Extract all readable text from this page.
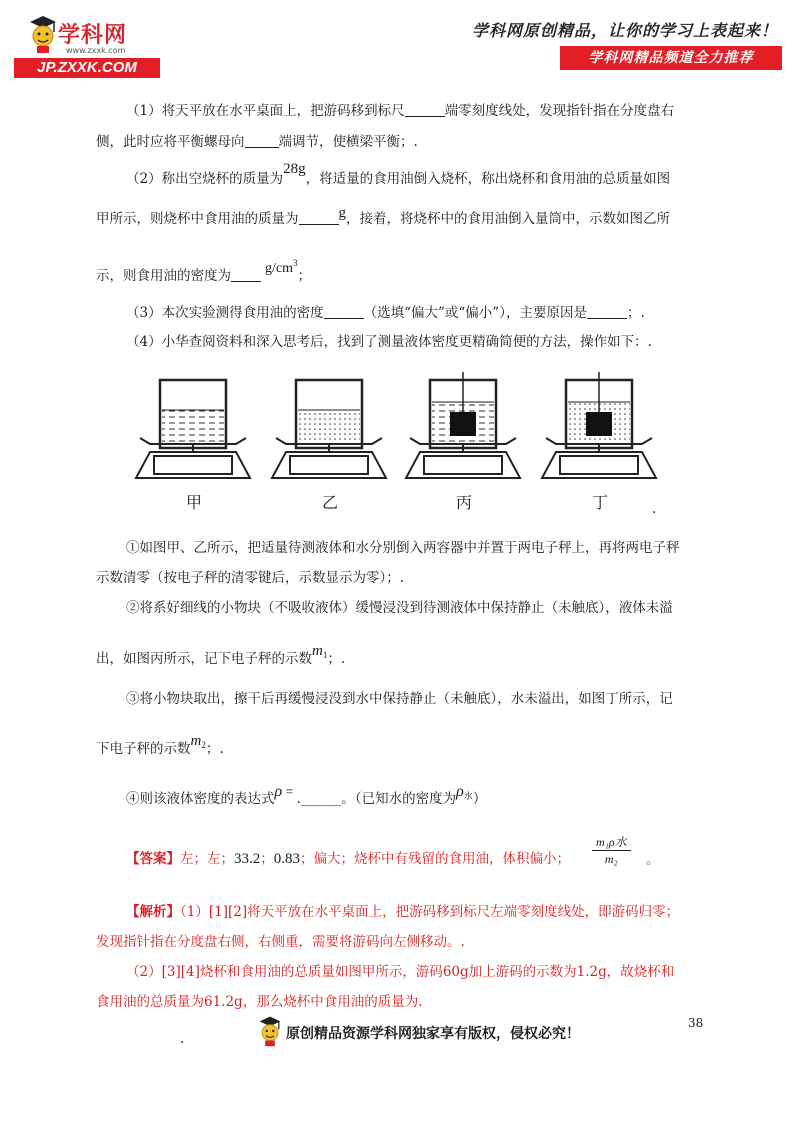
学科网
www.zxxk.com
JP.ZXXK.COM
学科网原创精品，让你的学习上表起来！
学科网精品频道全力推荐
（1）将天平放在水平桌面上，把游码移到标尺	端零刻度线处，发现指针指在分度盘右
侧，此时应将平衡螺母向	端调节，使横梁平衡；.
（2）称出空烧杯的质量为28g，将适量的食用油倒入烧杯，称出烧杯和食用油的总质量如图
甲所示，则烧杯中食用油的质量为	g，接着，将烧杯中的食用油倒入量筒中，示数如图乙所
示，则食用油的密度为 $g/cm^3$；
（3）本次实验测得食用油的密度	（选填“偏大”或“偏小”），主要原因是	；.
（4）小华查阅资料和深入思考后，找到了测量液体密度更精确简便的方法，操作如下：.
甲	乙	丙	丁	.
①如图甲、乙所示，把适量待测液体和水分别倒入两容器中并置于两电子秤上，再将两电子秤
示数清零（按电子秤的清零键后，示数显示为零）；.
②将系好细线的小物块（不吸收液体）缓慢浸没到待测液体中保持静止（未触底），液体未溢
出，如图丙所示，记下电子秤的示数$m_1$；.
③将小物块取出，擦干后再缓慢浸没到水中保持静止（未触底），水未溢出，如图丁所示，记
下电子秤的示数$m_2$；.
④则该液体密度的表达式ρ = .______。（已知水的密度为$\rho_水$）
【答案】左；左；33.2；0.83；偏大；烧杯中有残留的食用油，体积偏小；
m₁ρ水
m₂	。
【解析】（1）[1][2]将天平放在水平桌面上，把游码移到标尺左端零刻度线处，即游码归零；
发现指针指在分度盘右侧，右侧重，需要将游码向左侧移动。.
（2）[3][4]烧杯和食用油的总质量如图甲所示，游码60g加上游码的示数为1.2g，故烧杯和
食用油的总质量为61.2g，那么烧杯中食用油的质量为.
38
.	原创精品资源学科网独家享有版权，侵权必究！
